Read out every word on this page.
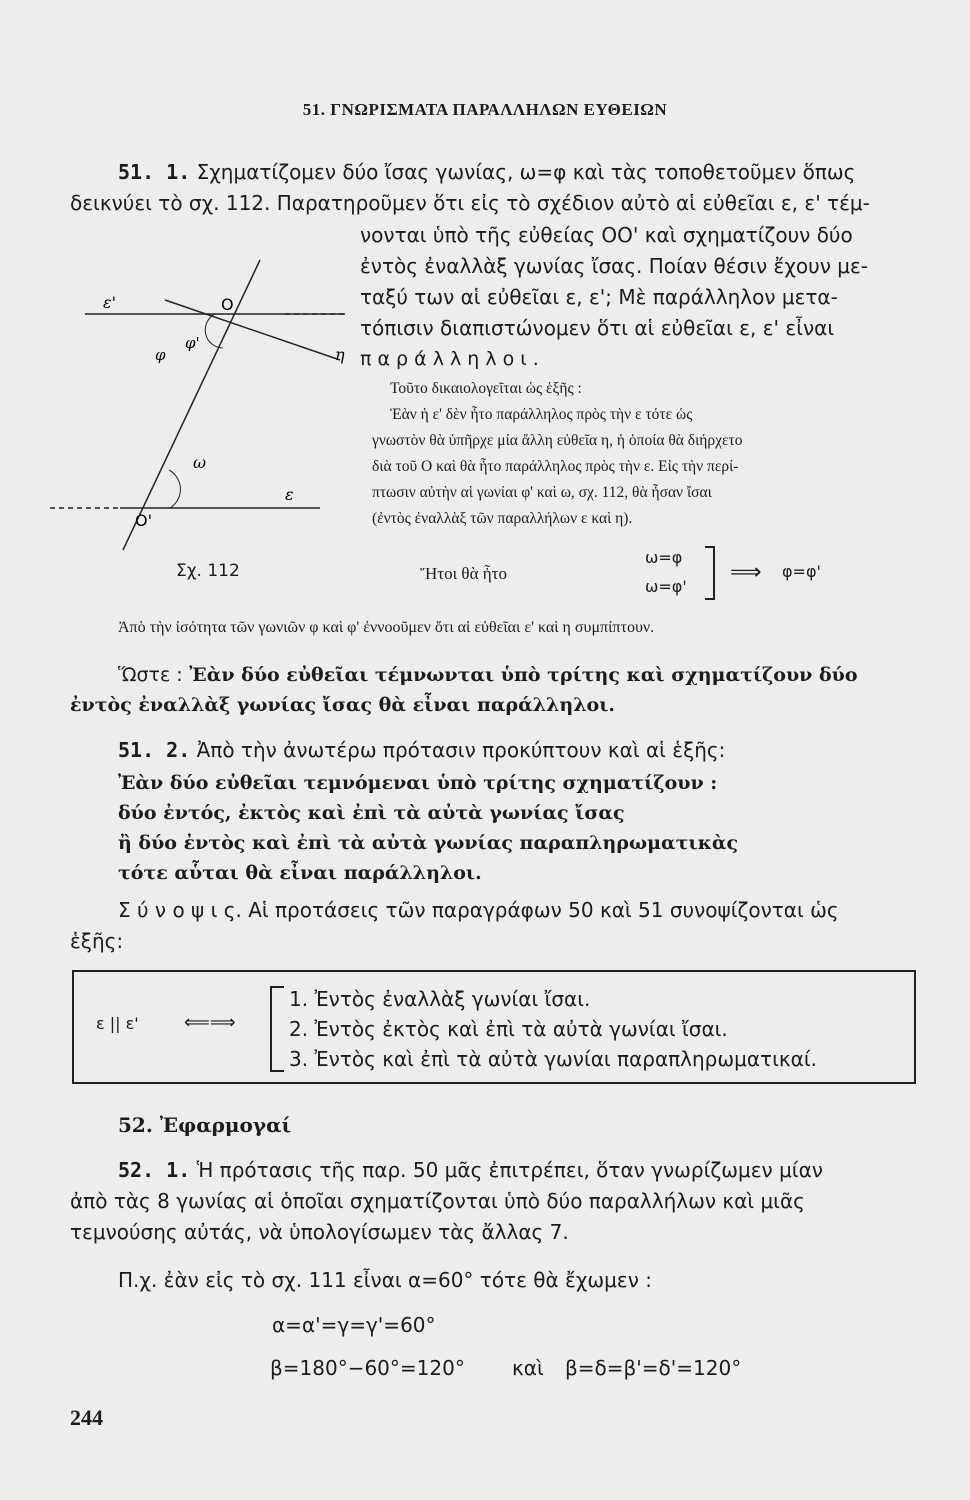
51. ΓΝΩΡΙΣΜΑΤΑ ΠΑΡΑΛΛΗΛΩΝ ΕΥΘΕΙΩΝ
51. 1. Σχηματίζομεν δύο ἴσας γωνίας, ω=φ καὶ τὰς τοποθετοῦμεν ὅπως
δεικνύει τὸ σχ. 112. Παρατηροῦμεν ὅτι εἰς τὸ σχέδιον αὐτὸ αἱ εὐθεῖαι ε, ε' τέμ-
νονται ὑπὸ τῆς εὐθείας ΟΟ' καὶ σχηματίζουν δύο
ἐντὸς ἐναλλὰξ γωνίας ἴσας. Ποίαν θέσιν ἔχουν με-
ταξύ των αἱ εὐθεῖαι ε, ε'; Μὲ παράλληλον μετα-
τόπισιν διαπιστώνομεν ὅτι αἱ εὐθεῖαι ε, ε' εἶναι
π α ρ ά λ λ η λ ο ι .
Τοῦτο δικαιολογεῖται ὡς ἑξῆς :
Ἐὰν ἡ ε' δὲν ἦτο παράλληλος πρὸς τὴν ε τότε ὡς
γνωστὸν θὰ ὑπῆρχε μία ἄλλη εὐθεῖα η, ἡ ὁποία θὰ διήρχετο
διὰ τοῦ Ο καὶ θὰ ἦτο παράλληλος πρὸς τὴν ε. Εἰς τὴν περί-
πτωσιν αὐτὴν αἱ γωνίαι φ' καὶ ω, σχ. 112, θὰ ἦσαν ἴσαι
(ἐντὸς ἐναλλὰξ τῶν παραλλήλων ε καὶ η).
ε'	O
φ
φ'
η
ω
ε
O'
Σχ. 112	Ἤτοι θὰ ἦτο
ω=φ
ω=φ'
⟹ φ=φ'
Ἀπὸ τὴν ἰσότητα τῶν γωνιῶν φ καὶ φ' ἐννοοῦμεν ὅτι αἱ εὐθεῖαι ε' καὶ η συμπίπτουν.
Ὥστε : Ἐὰν δύο εὐθεῖαι τέμνωνται ὑπὸ τρίτης καὶ σχηματίζουν δύο
ἐντὸς ἐναλλὰξ γωνίας ἴσας θὰ εἶναι παράλληλοι.
51. 2. Ἀπὸ τὴν ἀνωτέρω πρότασιν προκύπτουν καὶ αἱ ἑξῆς:
Ἐὰν δύο εὐθεῖαι τεμνόμεναι ὑπὸ τρίτης σχηματίζουν :
δύο ἐντός, ἐκτὸς καὶ ἐπὶ τὰ αὐτὰ γωνίας ἴσας
ἢ δύο ἐντὸς καὶ ἐπὶ τὰ αὐτὰ γωνίας παραπληρωματικὰς
τότε αὗται θὰ εἶναι παράλληλοι.
Σ ύ ν ο ψ ι ς. Αἱ προτάσεις τῶν παραγράφων 50 καὶ 51 συνοψίζονται ὡς
ἑξῆς:
ε || ε'	⟸⟹
1. Ἐντὸς ἐναλλὰξ γωνίαι ἴσαι.
2. Ἐντὸς ἐκτὸς καὶ ἐπὶ τὰ αὐτὰ γωνίαι ἴσαι.
3. Ἐντὸς καὶ ἐπὶ τὰ αὐτὰ γωνίαι παραπληρωματικαί.
52. Ἐφαρμογαί
52. 1. Ἡ πρότασις τῆς παρ. 50 μᾶς ἐπιτρέπει, ὅταν γνωρίζωμεν μίαν
ἀπὸ τὰς 8 γωνίας αἱ ὁποῖαι σχηματίζονται ὑπὸ δύο παραλλήλων καὶ μιᾶς
τεμνούσης αὐτάς, νὰ ὑπολογίσωμεν τὰς ἄλλας 7.
Π.χ. ἐὰν εἰς τὸ σχ. 111 εἶναι α=60° τότε θὰ ἔχωμεν :
α=α'=γ=γ'=60°
β=180°−60°=120° καὶ β=δ=β'=δ'=120°
244
